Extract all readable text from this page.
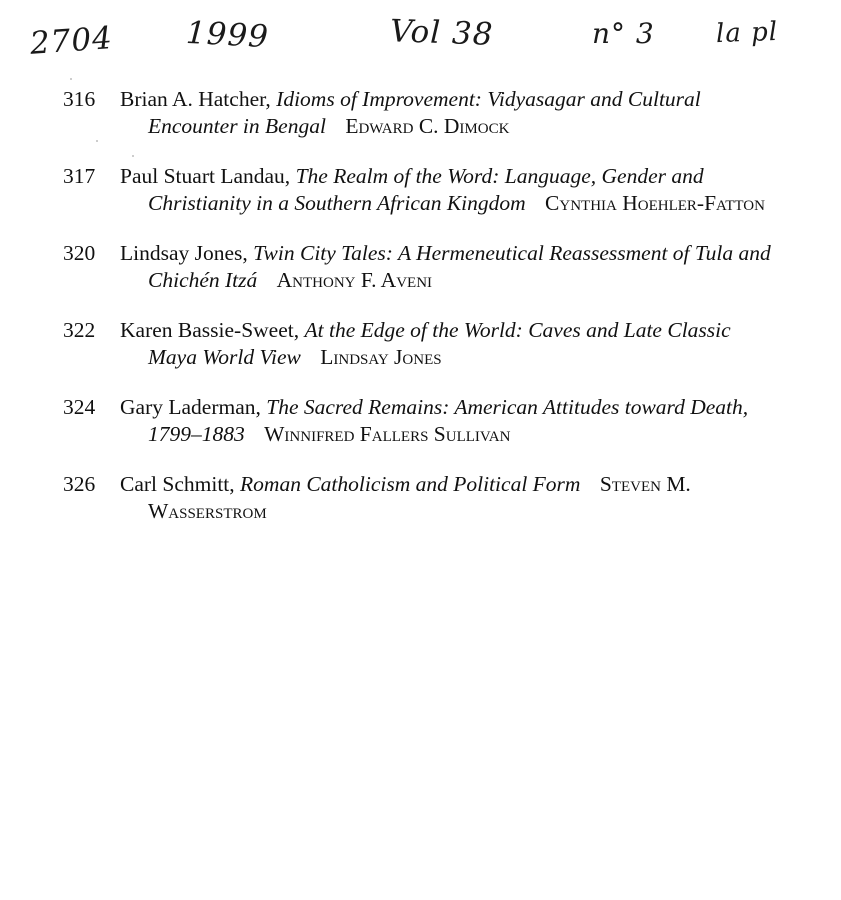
2704 1999	Vol 38	n° 3 la pl
316	Brian A. Hatcher, Idioms of Improvement: Vidyasagar and Cultural Encounter in Bengal Edward C. Dimock
317	Paul Stuart Landau, The Realm of the Word: Language, Gender and Christianity in a Southern African Kingdom Cynthia Hoehler-Fatton
320	Lindsay Jones, Twin City Tales: A Hermeneutical Reassessment of Tula and Chichén Itzá Anthony F. Aveni
322	Karen Bassie-Sweet, At the Edge of the World: Caves and Late Classic Maya World View Lindsay Jones
324	Gary Laderman, The Sacred Remains: American Attitudes toward Death, 1799–1883 Winnifred Fallers Sullivan
326	Carl Schmitt, Roman Catholicism and Political Form Steven M. Wasserstrom
